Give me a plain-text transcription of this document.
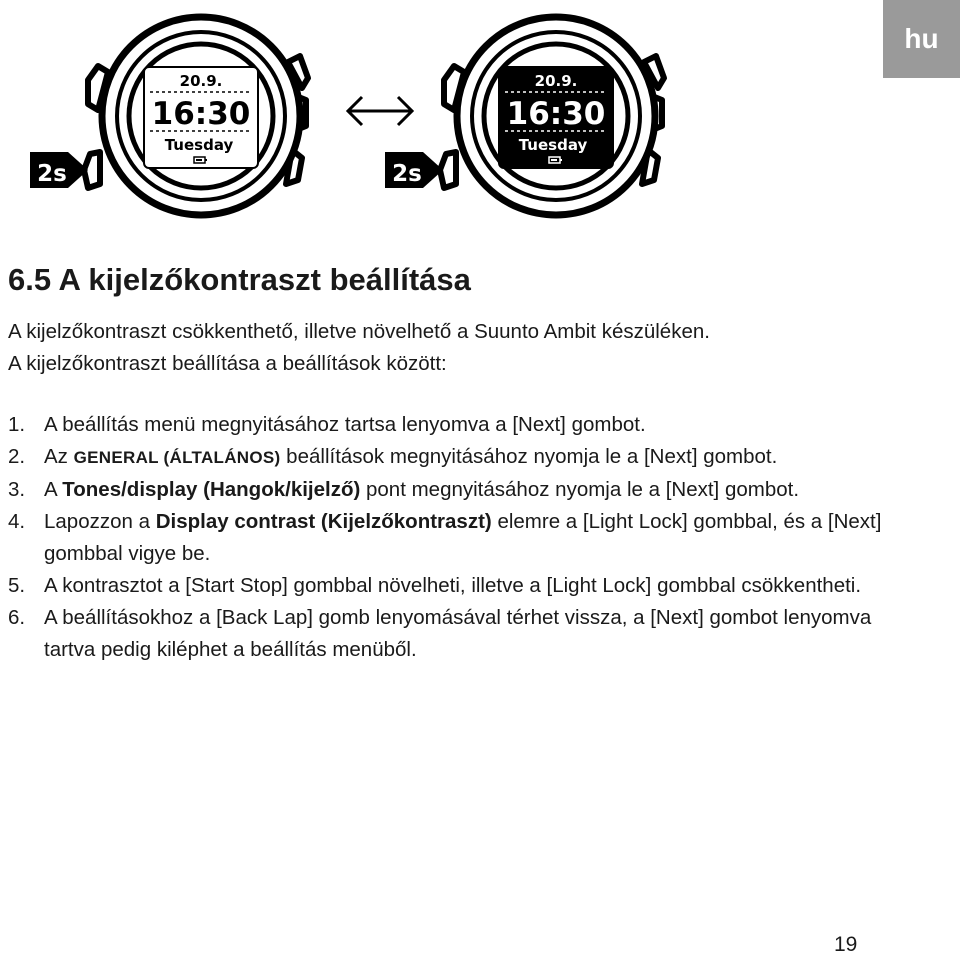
hu
20.9.
16:30
Tuesday
2s
20.9.
16:30
Tuesday
2s
6.5 A kijelzőkontraszt beállítása
A kijelzőkontraszt csökkenthető, illetve növelhető a Suunto Ambit készüléken.
A kijelzőkontraszt beállítása a beállítások között:
1. A beállítás menü megnyitásához tartsa lenyomva a [Next] gombot.
2. Az GENERAL (ÁLTALÁNOS) beállítások megnyitásához nyomja le a [Next] gombot.
3. A Tones/display (Hangok/kijelző) pont megnyitásához nyomja le a [Next] gombot.
4. Lapozzon a Display contrast (Kijelzőkontraszt) elemre a [Light Lock] gombbal, és a [Next] gombbal vigye be.
5. A kontrasztot a [Start Stop] gombbal növelheti, illetve a [Light Lock] gombbal csökkentheti.
6. A beállításokhoz a [Back Lap] gomb lenyomásával térhet vissza, a [Next] gombot lenyomva tartva pedig kiléphet a beállítás menüből.
19
